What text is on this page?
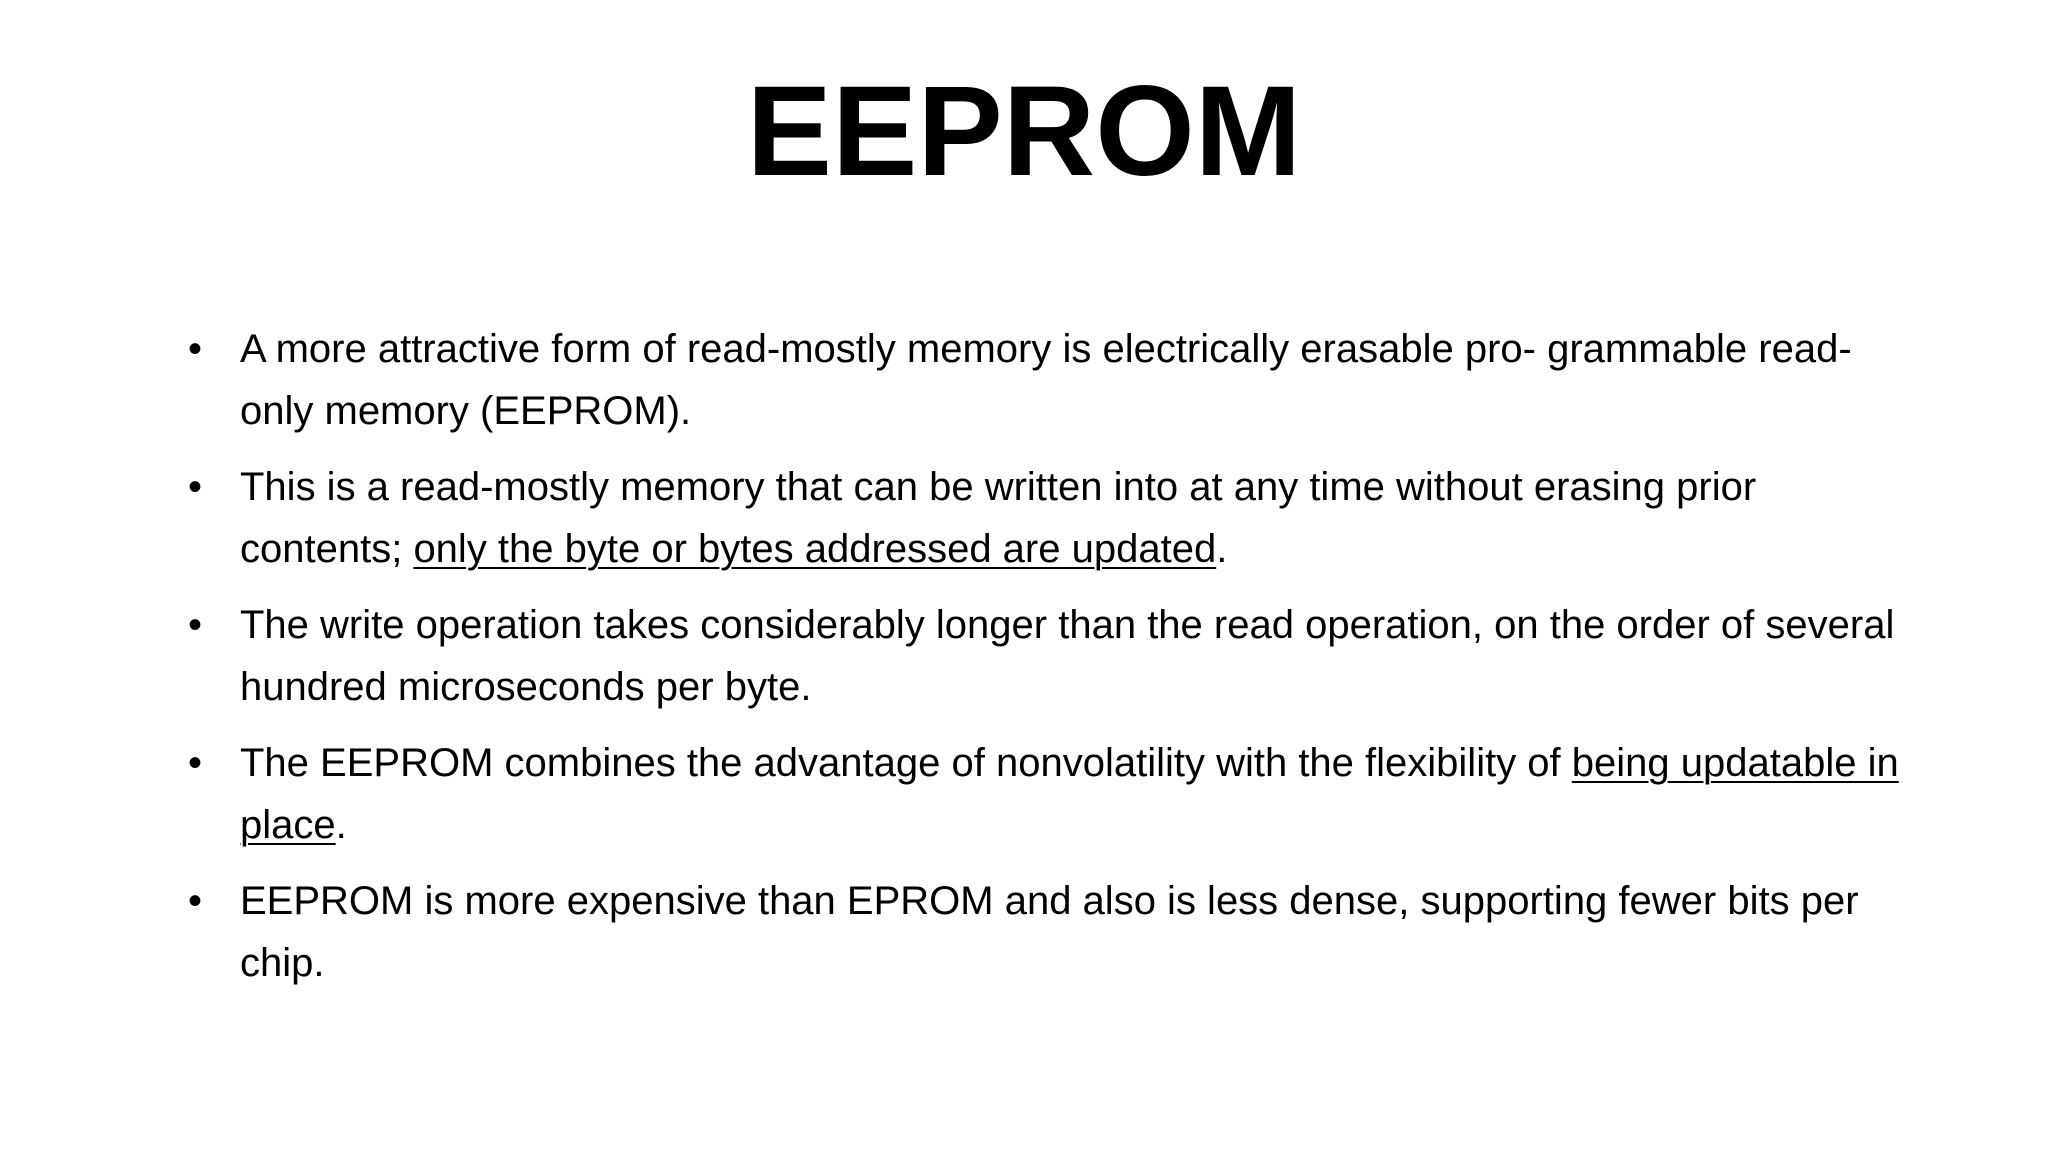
EEPROM
• A more attractive form of read-mostly memory is electrically erasable pro- grammable read-only memory (EEPROM).
• This is a read-mostly memory that can be written into at any time without erasing prior contents; only the byte or bytes addressed are updated.
• The write operation takes considerably longer than the read operation, on the order of several hundred microseconds per byte.
• The EEPROM combines the advantage of nonvolatility with the flexibility of being updatable in place.
• EEPROM is more expensive than EPROM and also is less dense, supporting fewer bits per chip.
